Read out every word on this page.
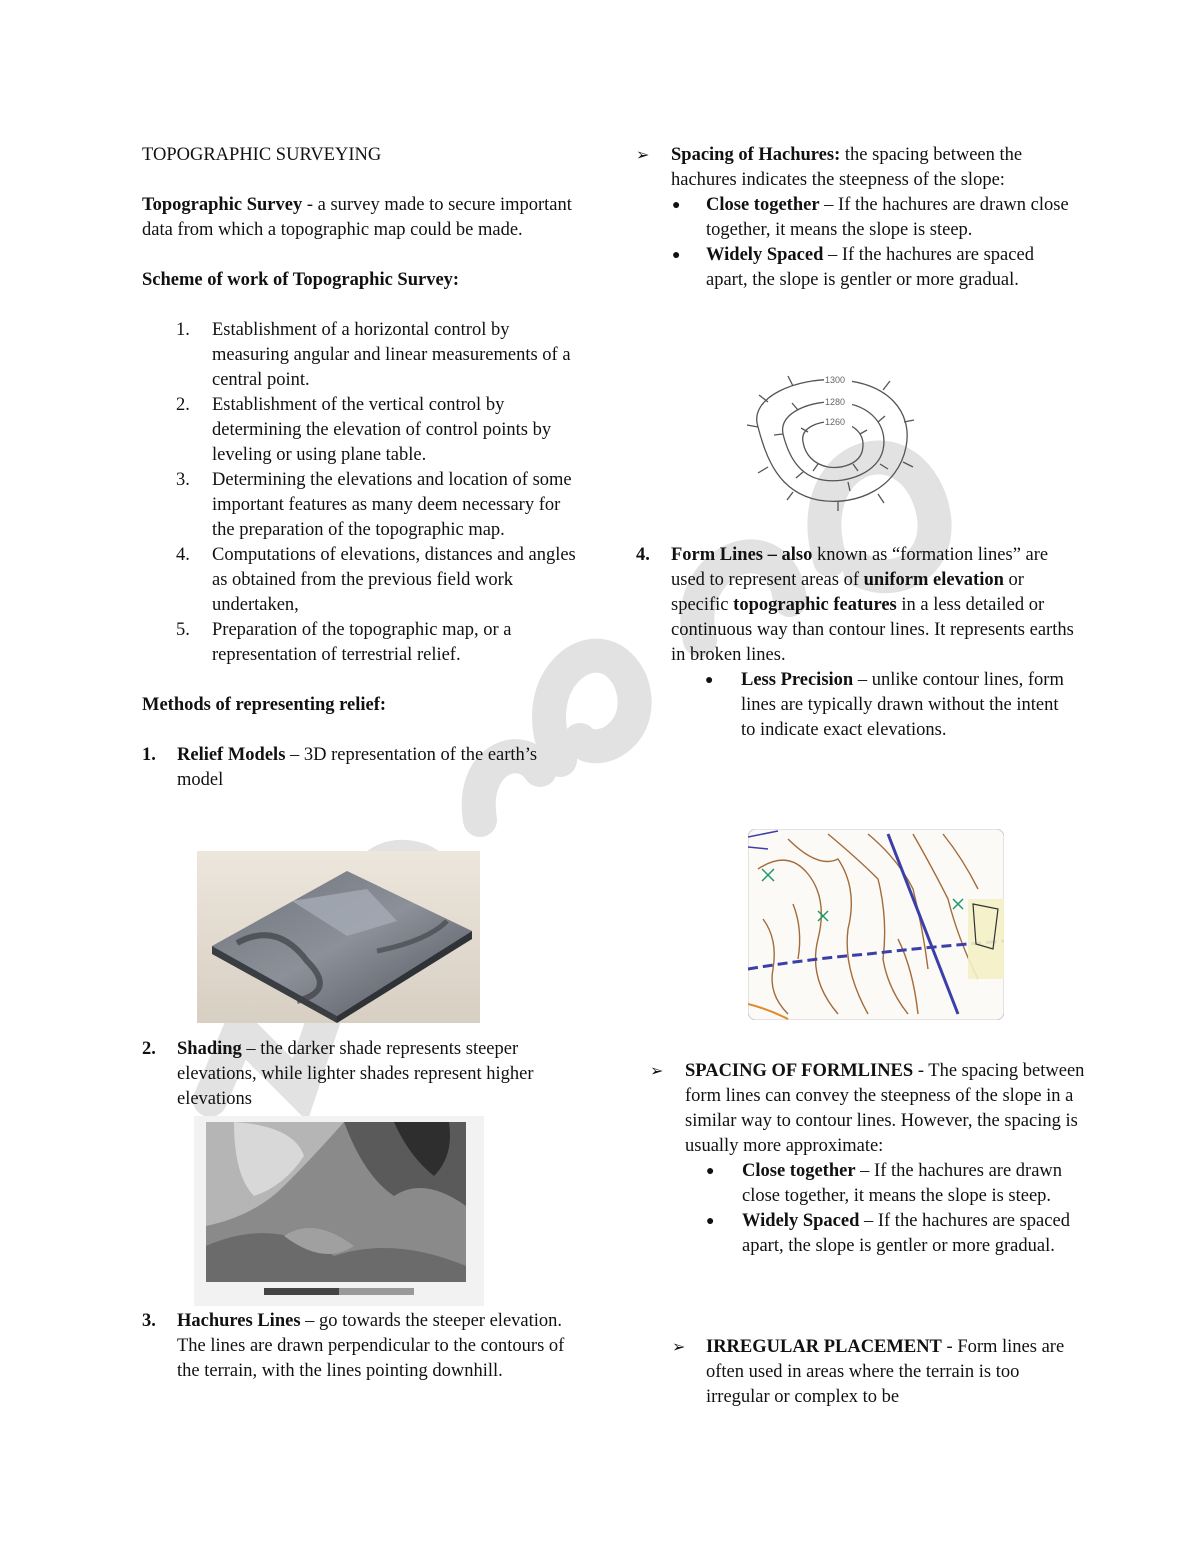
TOPOGRAPHIC SURVEYING

Topographic Survey - a survey made to secure important data from which a topographic map could be made.

Scheme of work of Topographic Survey:

1. Establishment of a horizontal control by measuring angular and linear measurements of a central point.
2. Establishment of the vertical control by determining the elevation of control points by leveling or using plane table.
3. Determining the elevations and location of some important features as many deem necessary for the preparation of the topographic map.
4. Computations of elevations, distances and angles as obtained from the previous field work undertaken,
5. Preparation of the topographic map, or a representation of terrestrial relief.

Methods of representing relief:

1. Relief Models – 3D representation of the earth’s model
2. Shading – the darker shade represents steeper elevations, while lighter shades represent higher elevations
3. Hachures Lines – go towards the steeper elevation. The lines are drawn perpendicular to the contours of the terrain, with the lines pointing downhill.
➢ Spacing of Hachures: the spacing between the hachures indicates the steepness of the slope:
● Close together – If the hachures are drawn close together, it means the slope is steep.
● Widely Spaced – If the hachures are spaced apart, the slope is gentler or more gradual.
1300
1280
1260
4. Form Lines – also known as “formation lines” are used to represent areas of uniform elevation or specific topographic features in a less detailed or continuous way than contour lines. It represents earths in broken lines.
● Less Precision – unlike contour lines, form lines are typically drawn without the intent to indicate exact elevations.
➢ SPACING OF FORMLINES - The spacing between form lines can convey the steepness of the slope in a similar way to contour lines. However, the spacing is usually more approximate:
● Close together – If the hachures are drawn close together, it means the slope is steep.
● Widely Spaced – If the hachures are spaced apart, the slope is gentler or more gradual.
➢ IRREGULAR PLACEMENT - Form lines are often used in areas where the terrain is too irregular or complex to be
